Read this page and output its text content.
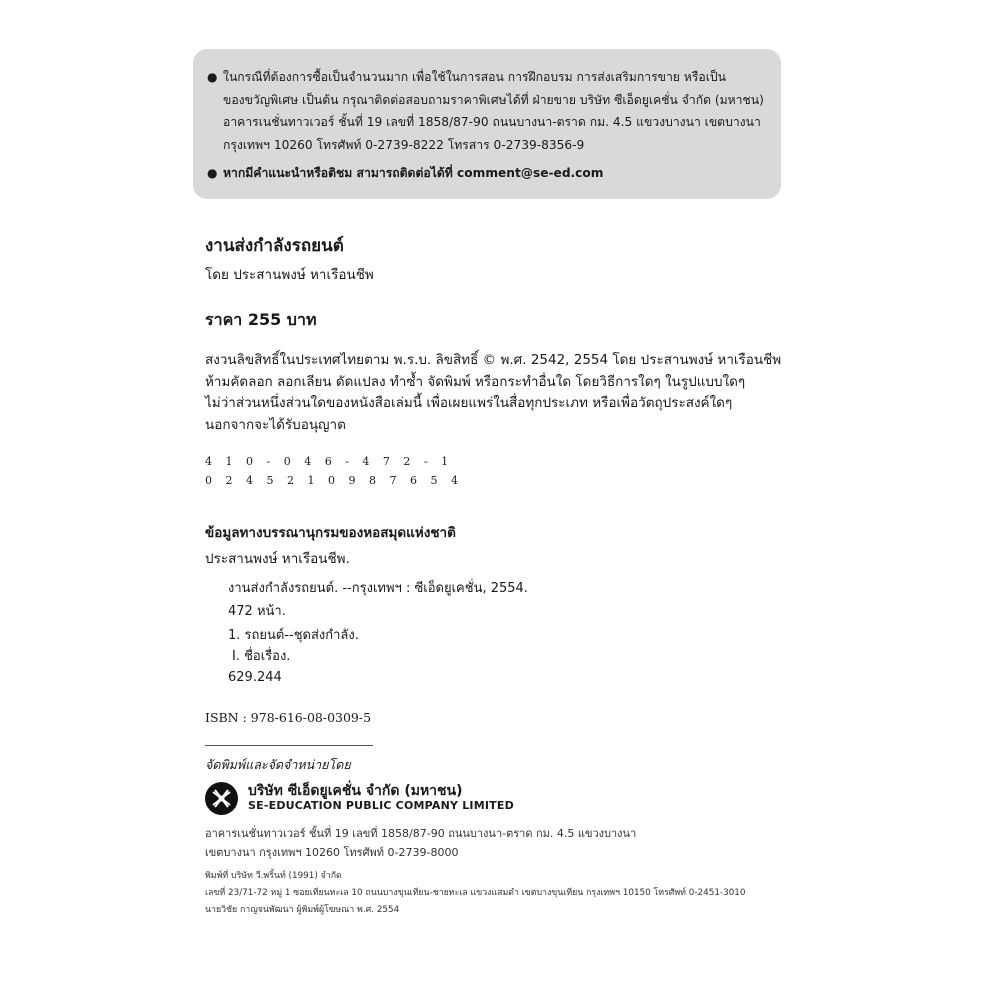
● ในกรณีที่ต้องการซื้อเป็นจำนวนมาก เพื่อใช้ในการสอน การฝึกอบรม การส่งเสริมการขาย หรือเป็น
ของขวัญพิเศษ เป็นต้น กรุณาติดต่อสอบถามราคาพิเศษได้ที่ ฝ่ายขาย บริษัท ซีเอ็ดยูเคชั่น จำกัด (มหาชน)
อาคารเนชั่นทาวเวอร์ ชั้นที่ 19 เลขที่ 1858/87-90 ถนนบางนา-ตราด กม. 4.5 แขวงบางนา เขตบางนา
กรุงเทพฯ 10260 โทรศัพท์ 0-2739-8222 โทรสาร 0-2739-8356-9
● หากมีคำแนะนำหรือติชม สามารถติดต่อได้ที่ comment@se-ed.com
งานส่งกำลังรถยนต์
โดย ประสานพงษ์ หาเรือนชีพ
ราคา 255 บาท
สงวนลิขสิทธิ์ในประเทศไทยตาม พ.ร.บ. ลิขสิทธิ์ © พ.ศ. 2542, 2554 โดย ประสานพงษ์ หาเรือนชีพ
ห้ามคัดลอก ลอกเลียน ดัดแปลง ทำซ้ำ จัดพิมพ์ หรือกระทำอื่นใด โดยวิธีการใดๆ ในรูปแบบใดๆ
ไม่ว่าส่วนหนึ่งส่วนใดของหนังสือเล่มนี้ เพื่อเผยแพร่ในสื่อทุกประเภท หรือเพื่อวัตถุประสงค์ใดๆ
นอกจากจะได้รับอนุญาต
410-046-472-1
0245210987654
ข้อมูลทางบรรณานุกรมของหอสมุดแห่งชาติ
ประสานพงษ์ หาเรือนชีพ.
งานส่งกำลังรถยนต์. --กรุงเทพฯ : ซีเอ็ดยูเคชั่น, 2554.
472 หน้า.
1. รถยนต์--ชุดส่งกำลัง.
I. ชื่อเรื่อง.
629.244
ISBN : 978-616-08-0309-5
จัดพิมพ์และจัดจำหน่ายโดย
บริษัท ซีเอ็ดยูเคชั่น จำกัด (มหาชน)
SE-EDUCATION PUBLIC COMPANY LIMITED
อาคารเนชั่นทาวเวอร์ ชั้นที่ 19 เลขที่ 1858/87-90 ถนนบางนา-ตราด กม. 4.5 แขวงบางนา
เขตบางนา กรุงเทพฯ 10260 โทรศัพท์ 0-2739-8000
พิมพ์ที่ บริษัท วี.พริ้นท์ (1991) จำกัด
เลขที่ 23/71-72 หมู่ 1 ซอยเทียนทะเล 10 ถนนบางขุนเทียน-ชายทะเล แขวงแสมดำ เขตบางขุนเทียน กรุงเทพฯ 10150 โทรศัพท์ 0-2451-3010
นายวิชัย กาญจนพัฒนา ผู้พิมพ์ผู้โฆษณา พ.ศ. 2554
